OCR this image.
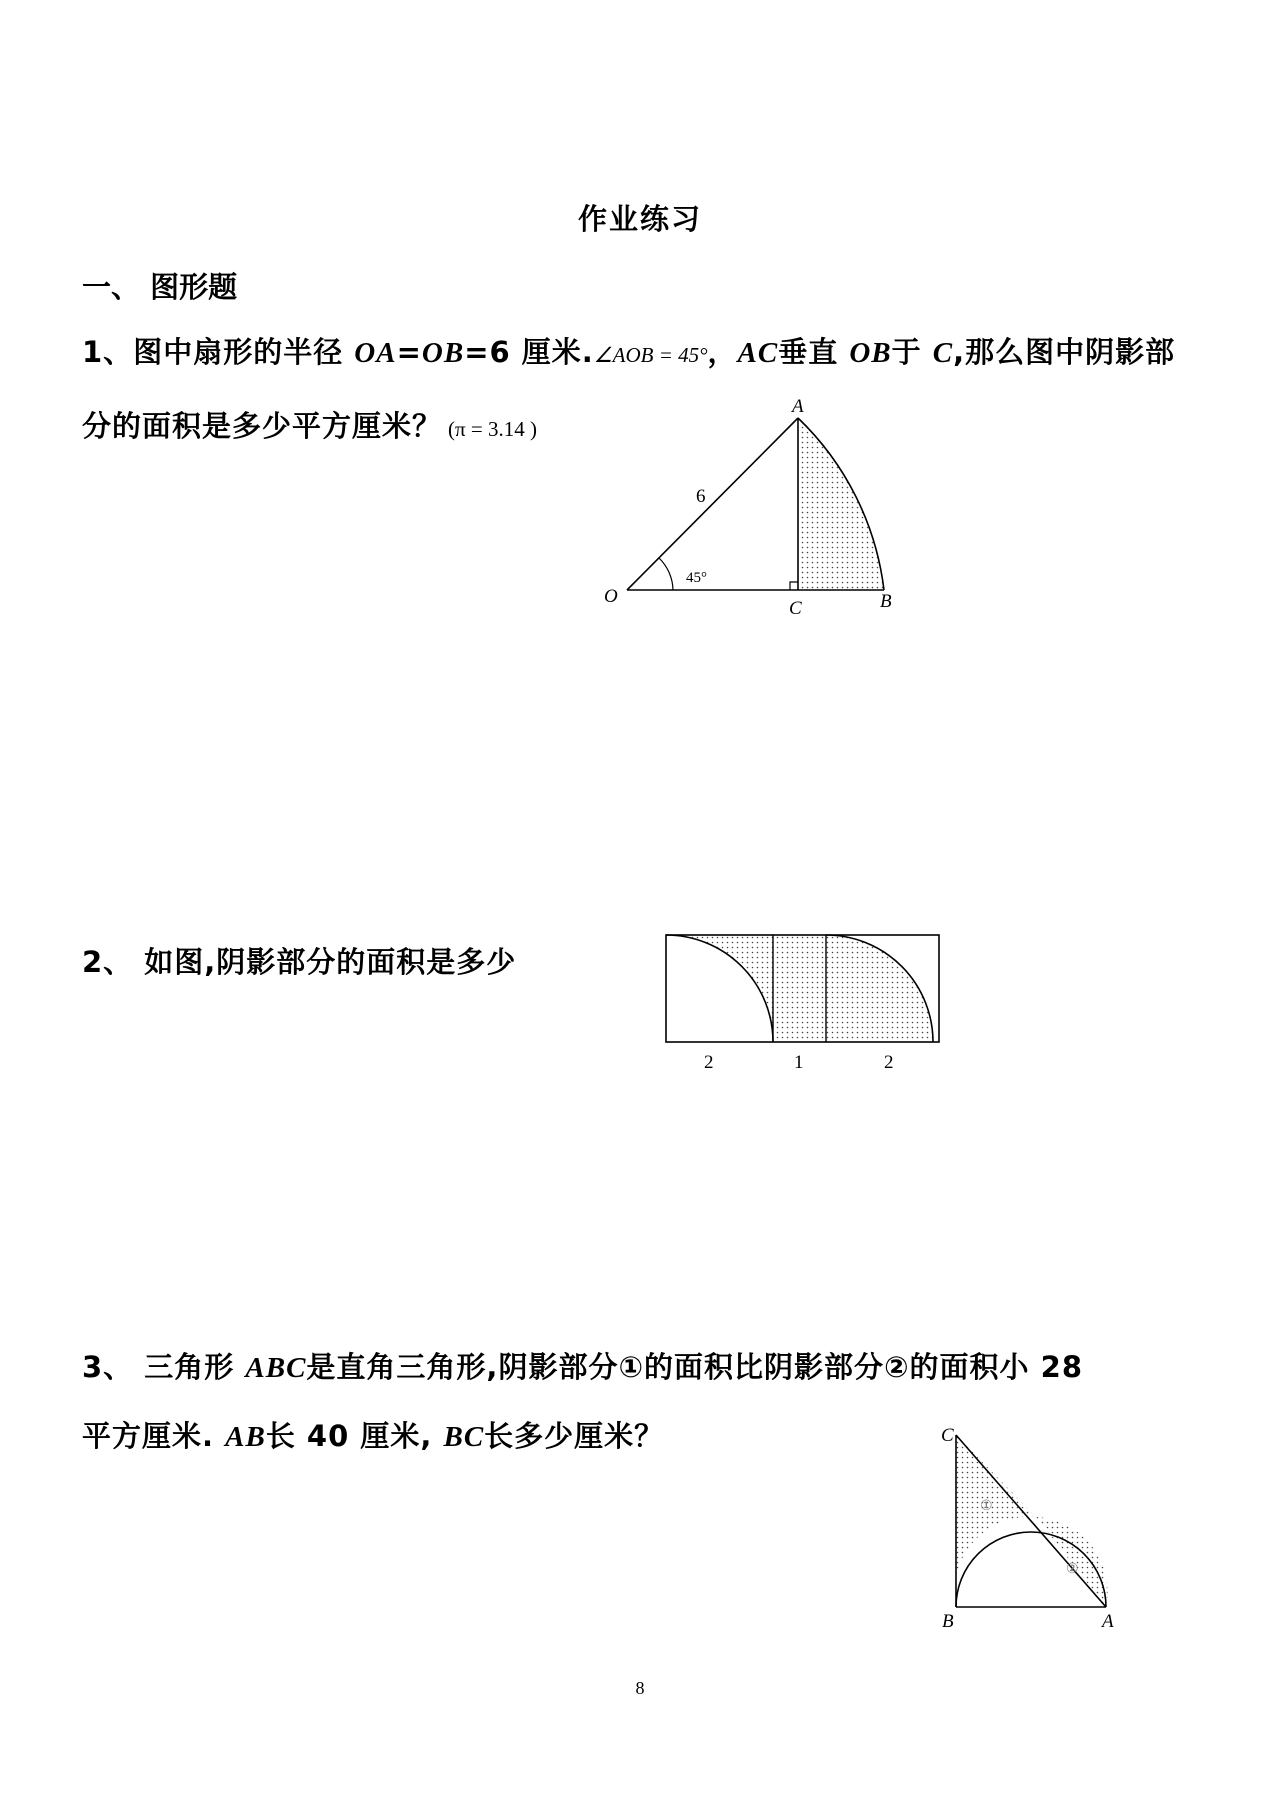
作业练习
一、 图形题
1、图中扇形的半径 OA=OB=6 厘米.∠AOB = 45°，AC垂直 OB于 C,那么图中阴影部
分的面积是多少平方厘米？ (π = 3.14 )
A
O
C	B
6
45°
2、 如图,阴影部分的面积是多少
2	1	2
3、 三角形 ABC是直角三角形,阴影部分①的面积比阴影部分②的面积小 28
平方厘米. AB长 40 厘米, BC长多少厘米？	C
B	A
①
②
8
